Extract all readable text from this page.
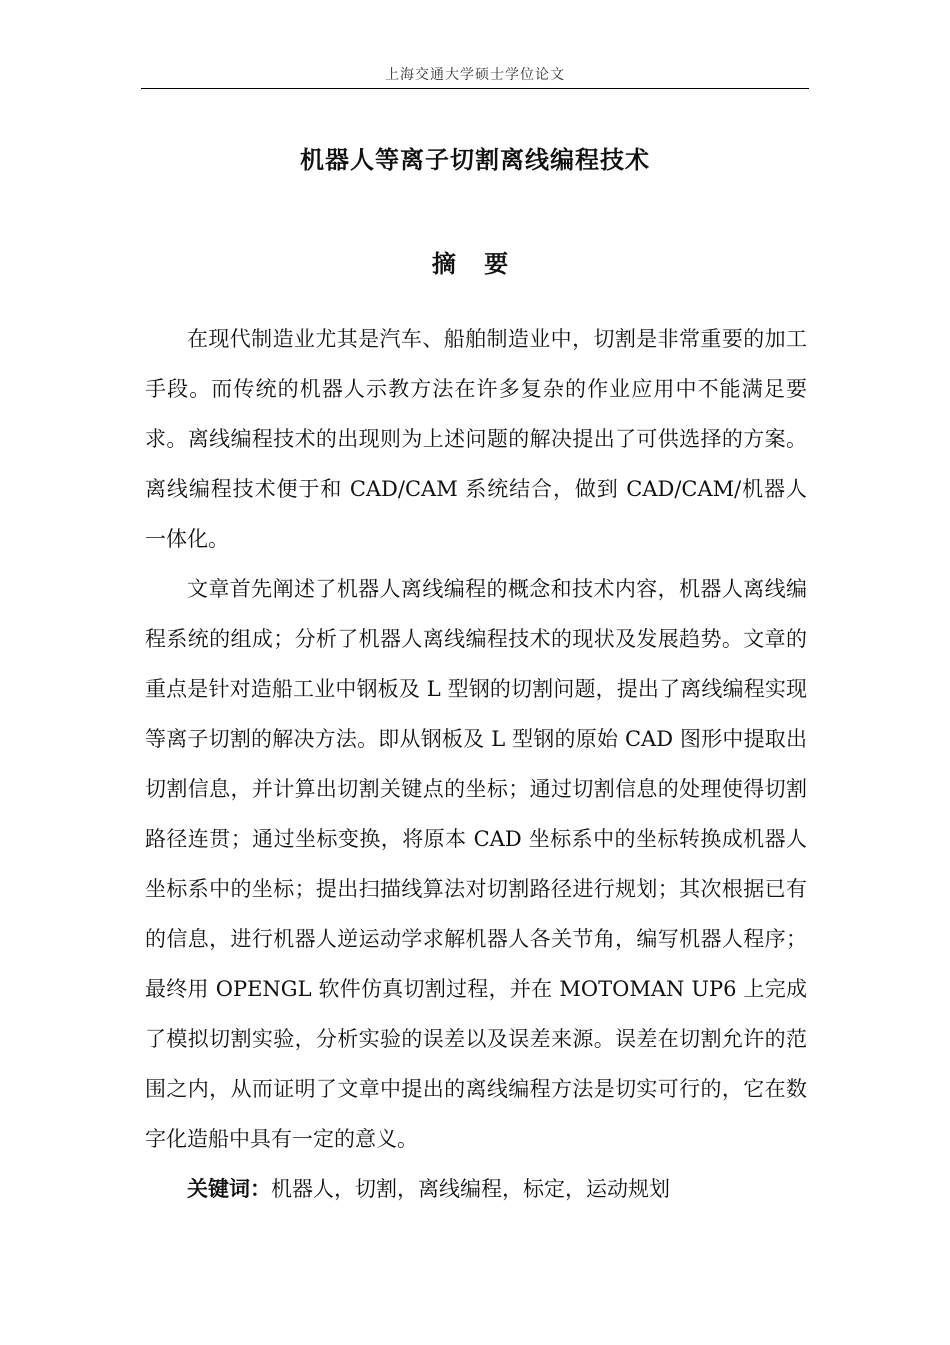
上海交通大学硕士学位论文
机器人等离子切割离线编程技术
摘 要

在现代制造业尤其是汽车、船舶制造业中，切割是非常重要的加工手段。而传统的机器人示教方法在许多复杂的作业应用中不能满足要求。离线编程技术的出现则为上述问题的解决提出了可供选择的方案。离线编程技术便于和 CAD/CAM 系统结合，做到 CAD/CAM/机器人一体化。

文章首先阐述了机器人离线编程的概念和技术内容，机器人离线编程系统的组成；分析了机器人离线编程技术的现状及发展趋势。文章的重点是针对造船工业中钢板及 L 型钢的切割问题，提出了离线编程实现等离子切割的解决方法。即从钢板及 L 型钢的原始 CAD 图形中提取出切割信息，并计算出切割关键点的坐标；通过切割信息的处理使得切割路径连贯；通过坐标变换，将原本 CAD 坐标系中的坐标转换成机器人坐标系中的坐标；提出扫描线算法对切割路径进行规划；其次根据已有的信息，进行机器人逆运动学求解机器人各关节角，编写机器人程序；最终用 OPENGL 软件仿真切割过程，并在 MOTOMAN UP6 上完成了模拟切割实验，分析实验的误差以及误差来源。误差在切割允许的范围之内，从而证明了文章中提出的离线编程方法是切实可行的，它在数字化造船中具有一定的意义。

关键词：机器人，切割，离线编程，标定，运动规划
